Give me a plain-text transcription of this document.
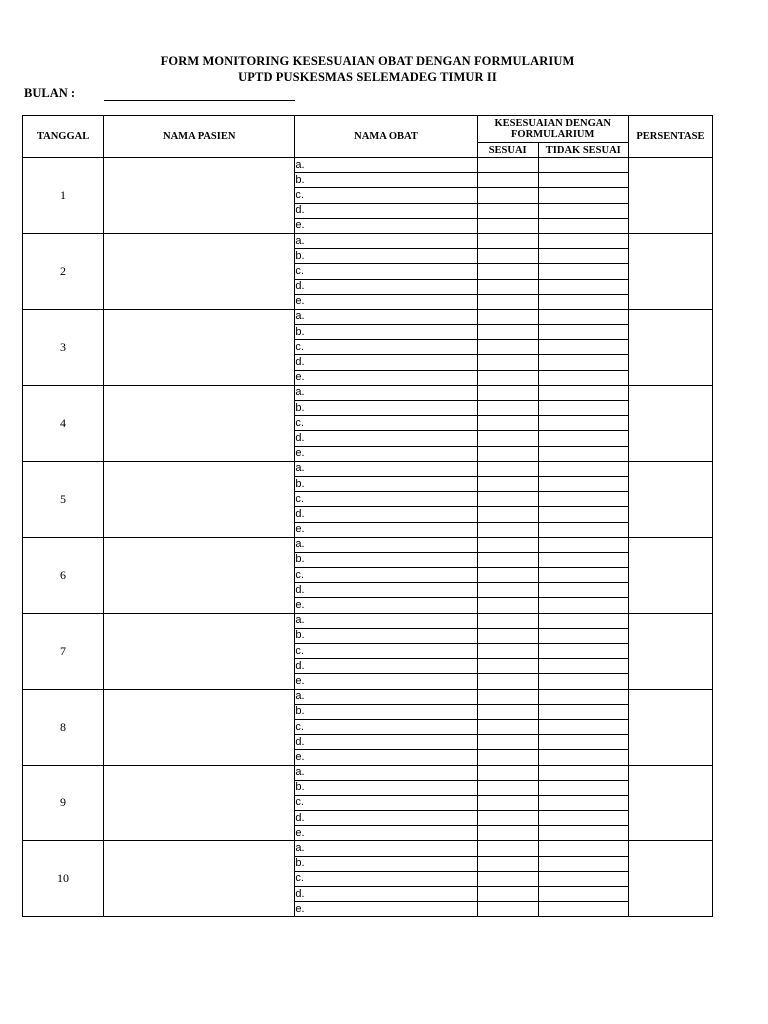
FORM MONITORING KESESUAIAN OBAT DENGAN FORMULARIUM
UPTD PUSKESMAS SELEMADEG TIMUR II
BULAN :
TANGGAL	NAMA PASIEN	NAMA OBAT	KESESUAIAN DENGAN FORMULARIUM		PERSENTASE
			SESUAI	TIDAK SESUAI	
1		a.			
		b.			
		c.			
		d.			
		e.			
2		a.			
		b.			
		c.			
		d.			
		e.			
3		a.			
		b.			
		c.			
		d.			
		e.			
4		a.			
		b.			
		c.			
		d.			
		e.			
5		a.			
		b.			
		c.			
		d.			
		e.			
6		a.			
		b.			
		c.			
		d.			
		e.			
7		a.			
		b.			
		c.			
		d.			
		e.			
8		a.			
		b.			
		c.			
		d.			
		e.			
9		a.			
		b.			
		c.			
		d.			
		e.			
10		a.			
		b.			
		c.			
		d.			
		e.			
